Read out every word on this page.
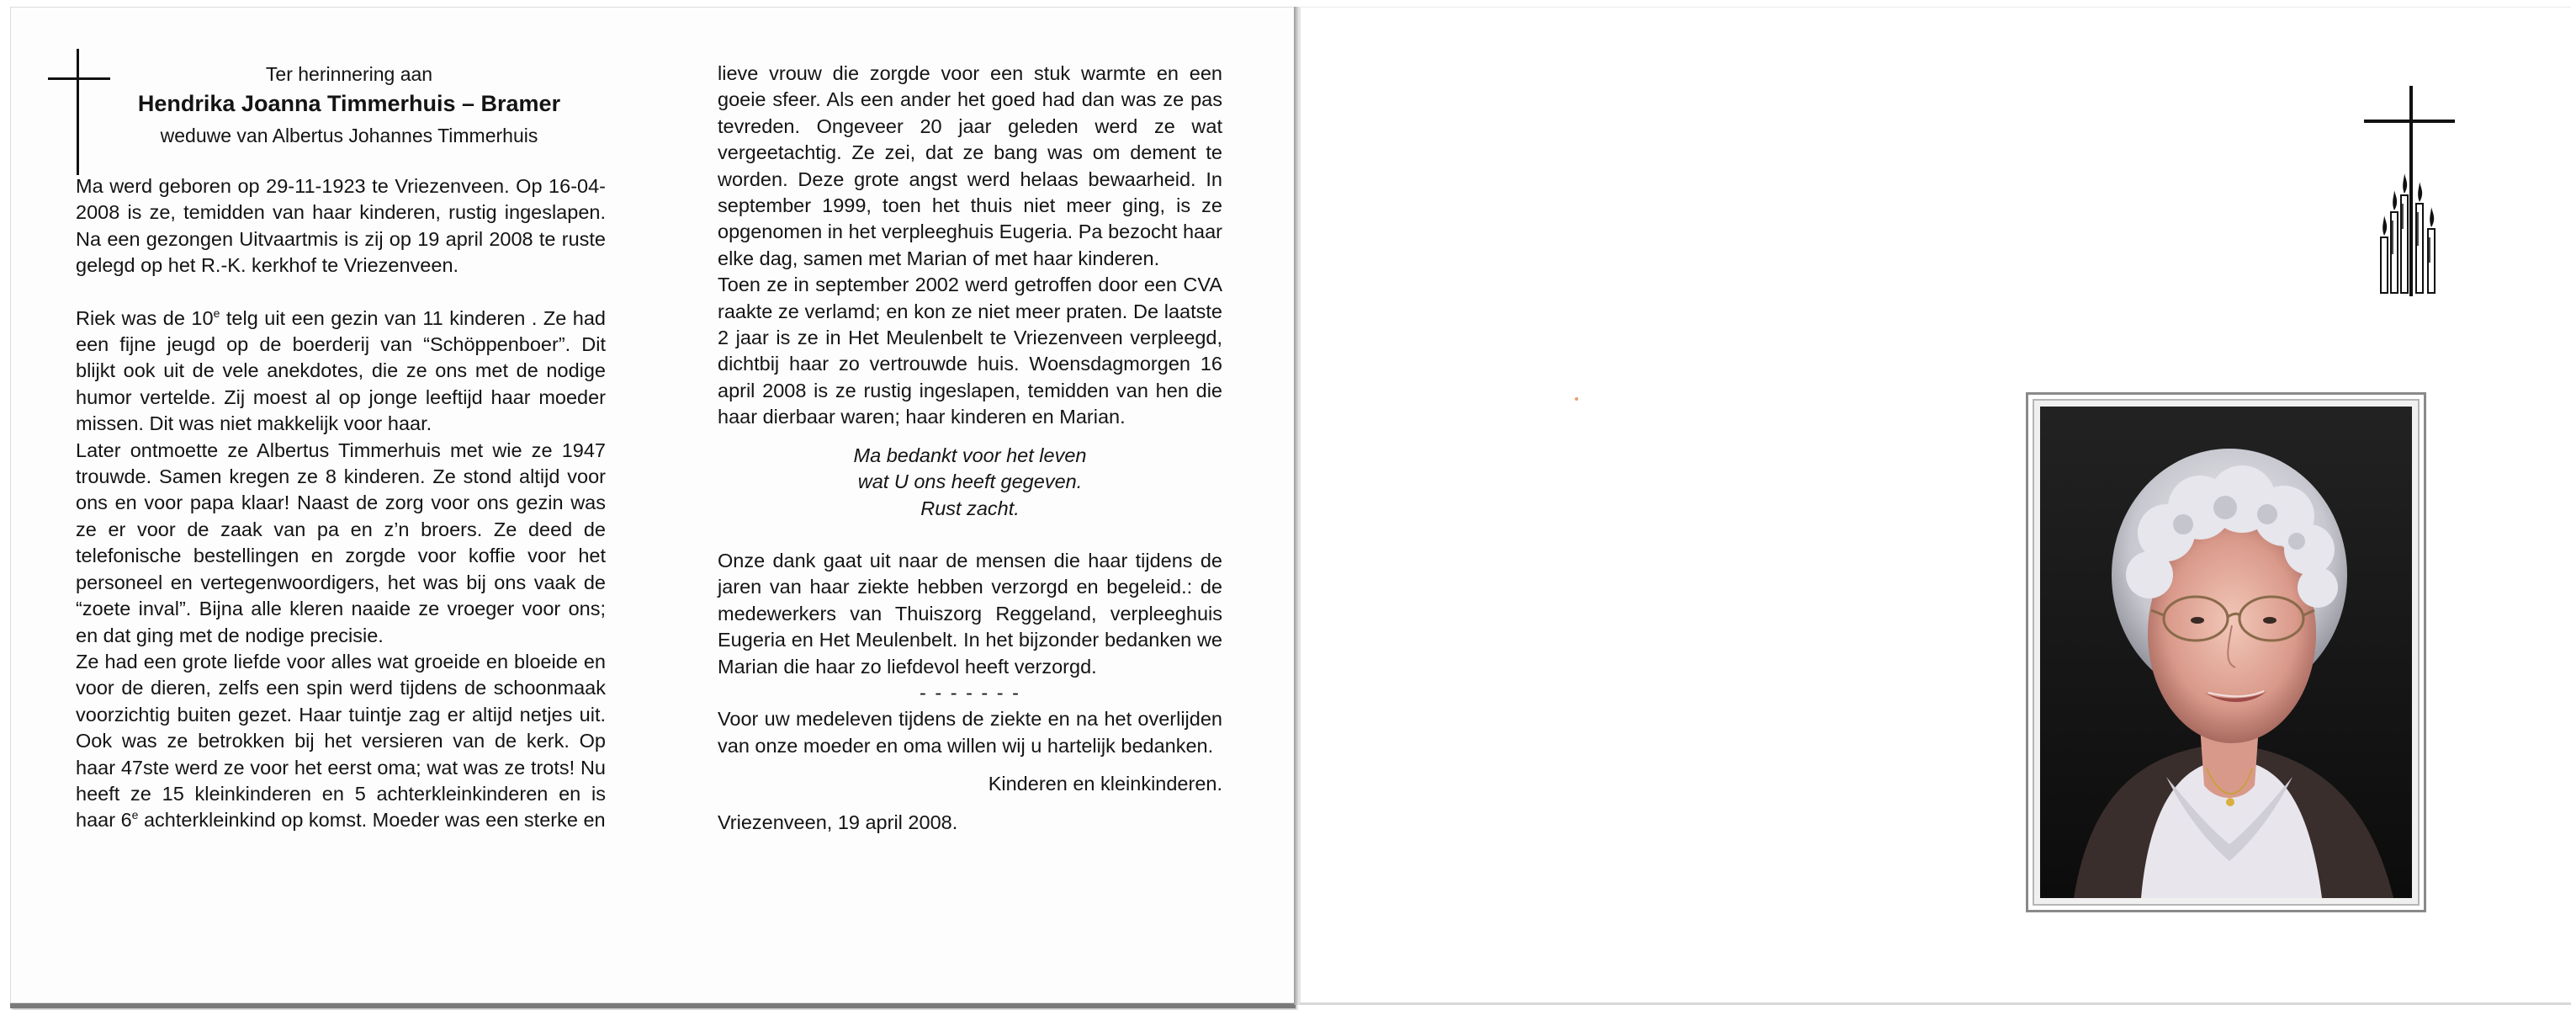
Ter herinnering aan
Hendrika Joanna Timmerhuis – Bramer
weduwe van Albertus Johannes Timmerhuis

Ma werd geboren op 29-11-1923 te Vriezenveen. Op 16-04-2008 is ze, temidden van haar kinderen, rustig ingeslapen. Na een gezongen Uitvaartmis is zij op 19 april 2008 te ruste gelegd op het R.-K. kerkhof te Vriezenveen.

Riek was de 10e telg uit een gezin van 11 kinderen . Ze had een fijne jeugd op de boerderij van “Schöppenboer”. Dit blijkt ook uit de vele anekdotes, die ze ons met de nodige humor vertelde. Zij moest al op jonge leeftijd haar moeder missen. Dit was niet makkelijk voor haar.

Later ontmoette ze Albertus Timmerhuis met wie ze 1947 trouwde. Samen kregen ze 8 kinderen. Ze stond altijd voor ons en voor papa klaar! Naast de zorg voor ons gezin was ze er voor de zaak van pa en z’n broers. Ze deed de telefonische bestellingen en zorgde voor koffie voor het personeel en vertegenwoordigers, het was bij ons vaak de “zoete inval”. Bijna alle kleren naaide ze vroeger voor ons; en dat ging met de nodige precisie.

Ze had een grote liefde voor alles wat groeide en bloeide en voor de dieren, zelfs een spin werd tijdens de schoonmaak voorzichtig buiten gezet. Haar tuintje zag er altijd netjes uit. Ook was ze betrokken bij het versieren van de kerk. Op haar 47ste werd ze voor het eerst oma; wat was ze trots! Nu heeft ze 15 kleinkinderen en 5 achterkleinkinderen en is haar 6e achterkleinkind op komst. Moeder was een sterke en

lieve vrouw die zorgde voor een stuk warmte en een goeie sfeer. Als een ander het goed had dan was ze pas tevreden. Ongeveer 20 jaar geleden werd ze wat vergeetachtig. Ze zei, dat ze bang was om dement te worden. Deze grote angst werd helaas bewaarheid. In september 1999, toen het thuis niet meer ging, is ze opgenomen in het verpleeghuis Eugeria. Pa bezocht haar elke dag, samen met Marian of met haar kinderen.

Toen ze in september 2002 werd getroffen door een CVA raakte ze verlamd; en kon ze niet meer praten. De laatste 2 jaar is ze in Het Meulenbelt te Vriezenveen verpleegd, dichtbij haar zo vertrouwde huis. Woensdagmorgen 16 april 2008 is ze rustig ingeslapen, temidden van hen die haar dierbaar waren; haar kinderen en Marian.

Ma bedankt voor het leven
wat U ons heeft gegeven.
Rust zacht.

Onze dank gaat uit naar de mensen die haar tijdens de jaren van haar ziekte hebben verzorgd en begeleid.: de medewerkers van Thuiszorg Reggeland, verpleeghuis Eugeria en Het Meulenbelt. In het bijzonder bedanken we Marian die haar zo liefdevol heeft verzorgd.

- - - - - - -

Voor uw medeleven tijdens de ziekte en na het overlijden van onze moeder en oma willen wij u hartelijk bedanken.

Kinderen en kleinkinderen.

Vriezenveen, 19 april 2008.
